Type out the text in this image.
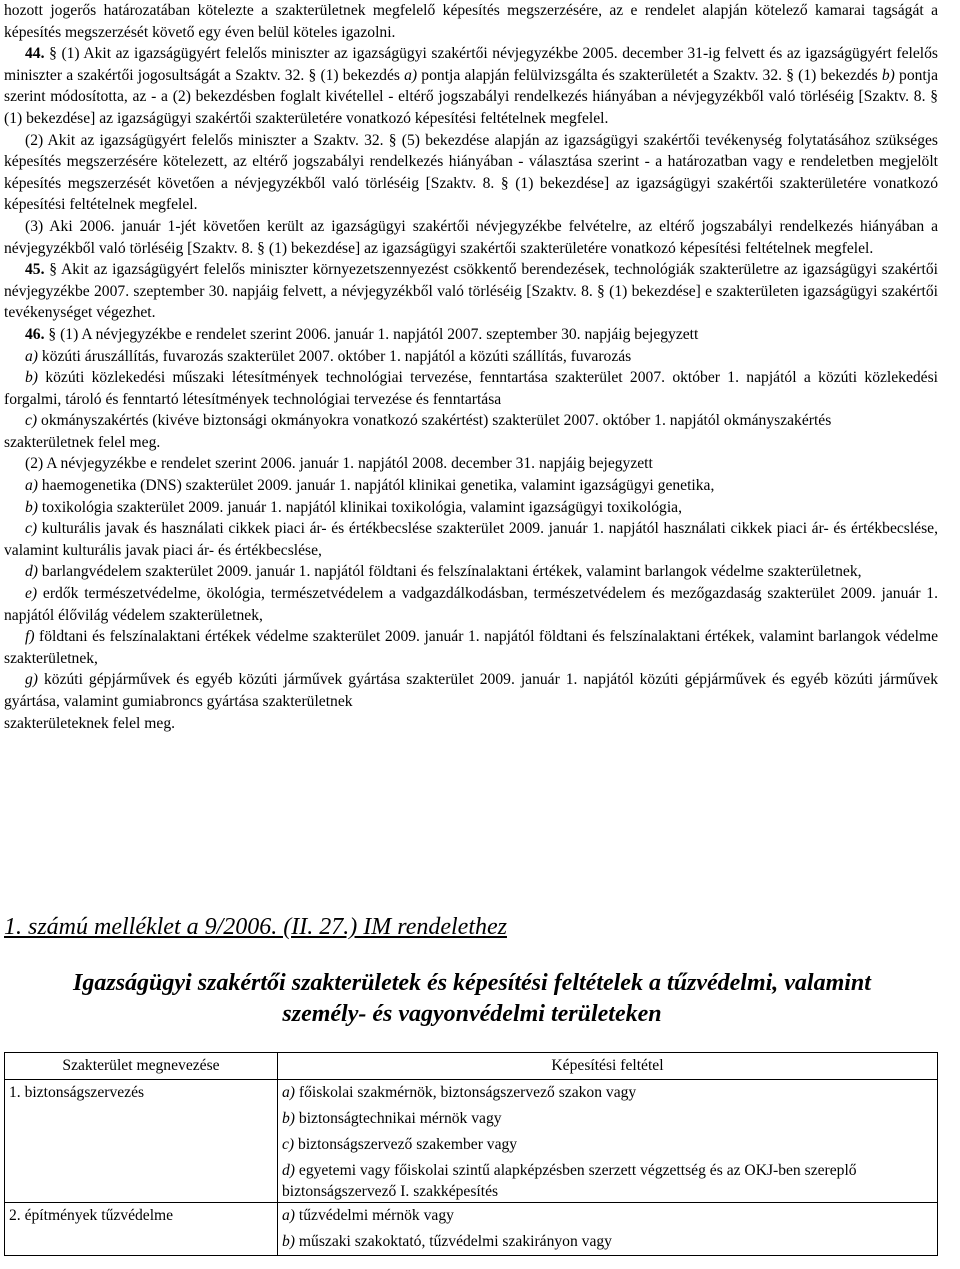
hozott jogerős határozatában kötelezte a szakterületnek megfelelő képesítés megszerzésére, az e rendelet alapján kötelező kamarai tagságát a képesítés megszerzését követő egy éven belül köteles igazolni.

44. § (1) Akit az igazságügyért felelős miniszter az igazságügyi szakértői névjegyzékbe 2005. december 31-ig felvett és az igazságügyért felelős miniszter a szakértői jogosultságát a Szaktv. 32. § (1) bekezdés a) pontja alapján felülvizsgálta és szakterületét a Szaktv. 32. § (1) bekezdés b) pontja szerint módosította, az - a (2) bekezdésben foglalt kivétellel - eltérő jogszabályi rendelkezés hiányában a névjegyzékből való törléséig [Szaktv. 8. § (1) bekezdése] az igazságügyi szakértői szakterületére vonatkozó képesítési feltételnek megfelel.

(2) Akit az igazságügyért felelős miniszter a Szaktv. 32. § (5) bekezdése alapján az igazságügyi szakértői tevékenység folytatásához szükséges képesítés megszerzésére kötelezett, az eltérő jogszabályi rendelkezés hiányában - választása szerint - a határozatban vagy e rendeletben megjelölt képesítés megszerzését követően a névjegyzékből való törléséig [Szaktv. 8. § (1) bekezdése] az igazságügyi szakértői szakterületére vonatkozó képesítési feltételnek megfelel.

(3) Aki 2006. január 1-jét követően került az igazságügyi szakértői névjegyzékbe felvételre, az eltérő jogszabályi rendelkezés hiányában a névjegyzékből való törléséig [Szaktv. 8. § (1) bekezdése] az igazságügyi szakértői szakterületére vonatkozó képesítési feltételnek megfelel.

45. § Akit az igazságügyért felelős miniszter környezetszennyezést csökkentő berendezések, technológiák szakterületre az igazságügyi szakértői névjegyzékbe 2007. szeptember 30. napjáig felvett, a névjegyzékből való törléséig [Szaktv. 8. § (1) bekezdése] e szakterületen igazságügyi szakértői tevékenységet végezhet.

46. § (1) A névjegyzékbe e rendelet szerint 2006. január 1. napjától 2007. szeptember 30. napjáig bejegyzett

a) közúti áruszállítás, fuvarozás szakterület 2007. október 1. napjától a közúti szállítás, fuvarozás

b) közúti közlekedési műszaki létesítmények technológiai tervezése, fenntartása szakterület 2007. október 1. napjától a közúti közlekedési forgalmi, tároló és fenntartó létesítmények technológiai tervezése és fenntartása

c) okmányszakértés (kivéve biztonsági okmányokra vonatkozó szakértést) szakterület 2007. október 1. napjától okmányszakértés

szakterületnek felel meg.

(2) A névjegyzékbe e rendelet szerint 2006. január 1. napjától 2008. december 31. napjáig bejegyzett

a) haemogenetika (DNS) szakterület 2009. január 1. napjától klinikai genetika, valamint igazságügyi genetika,

b) toxikológia szakterület 2009. január 1. napjától klinikai toxikológia, valamint igazságügyi toxikológia,

c) kulturális javak és használati cikkek piaci ár- és értékbecslése szakterület 2009. január 1. napjától használati cikkek piaci ár- és értékbecslése, valamint kulturális javak piaci ár- és értékbecslése,

d) barlangvédelem szakterület 2009. január 1. napjától földtani és felszínalaktani értékek, valamint barlangok védelme szakterületnek,

e) erdők természetvédelme, ökológia, természetvédelem a vadgazdálkodásban, természetvédelem és mezőgazdaság szakterület 2009. január 1. napjától élővilág védelem szakterületnek,

f) földtani és felszínalaktani értékek védelme szakterület 2009. január 1. napjától földtani és felszínalaktani értékek, valamint barlangok védelme szakterületnek,

g) közúti gépjárművek és egyéb közúti járművek gyártása szakterület 2009. január 1. napjától közúti gépjárművek és egyéb közúti járművek gyártása, valamint gumiabroncs gyártása szakterületnek

szakterületeknek felel meg.

1. számú melléklet a 9/2006. (II. 27.) IM rendelethez
Igazságügyi szakértői szakterületek és képesítési feltételek a tűzvédelmi, valamint
személy- és vagyonvédelmi területeken
Szakterület megnevezése	Képesítési feltétel

1. biztonságszervezés	a) főiskolai szakmérnök, biztonságszervező szakon vagy
b) biztonságtechnikai mérnök vagy
c) biztonságszervező szakember vagy
d) egyetemi vagy főiskolai szintű alapképzésben szerzett végzettség és az OKJ-ben szereplő biztonságszervező I. szakképesítés

2. építmények tűzvédelme	a) tűzvédelmi mérnök vagy
b) műszaki szakoktató, tűzvédelmi szakirányon vagy
